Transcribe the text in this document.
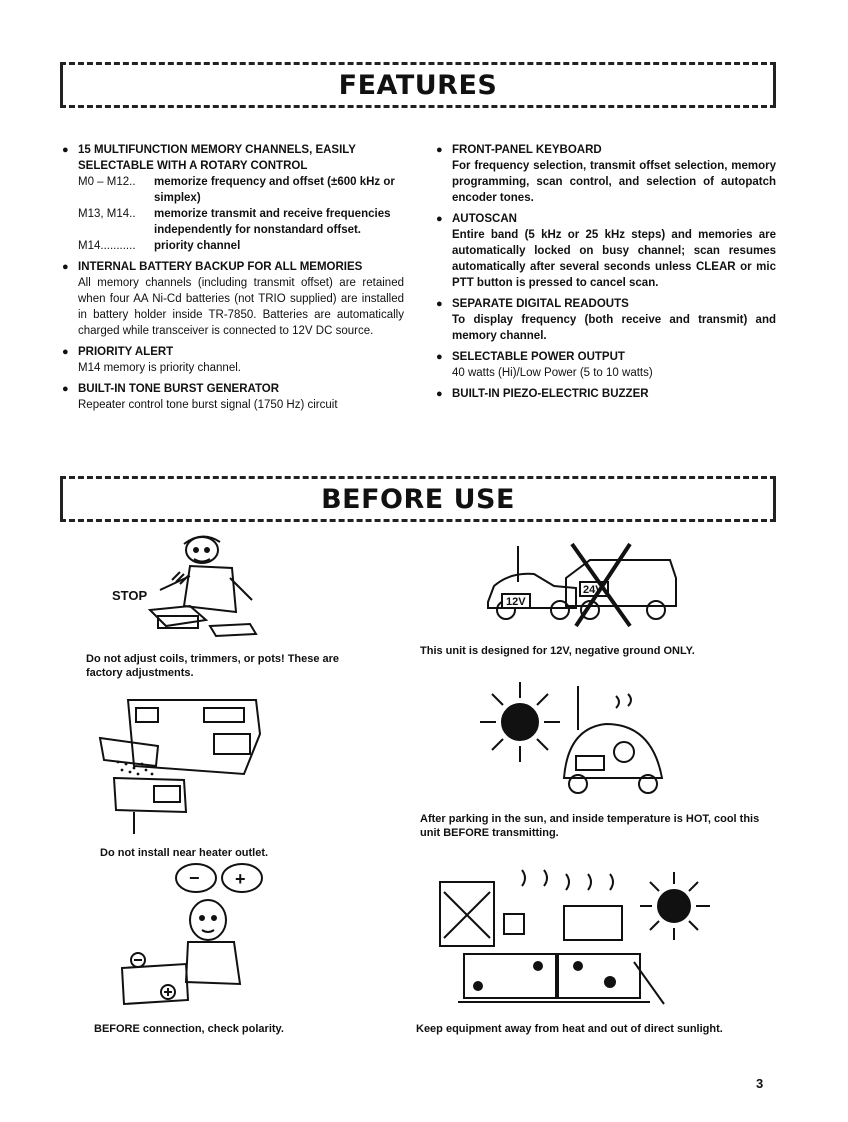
FEATURES
● 15 MULTIFUNCTION MEMORY CHANNELS, EASILY SELECTABLE WITH A ROTARY CONTROL
M0 – M12..	memorize frequency and offset (±600 kHz or simplex)
M13, M14..	memorize transmit and receive frequencies independently for nonstandard offset.
M14...........	priority channel
● INTERNAL BATTERY BACKUP FOR ALL MEMORIES
All memory channels (including transmit offset) are retained when four AA Ni-Cd batteries (not TRIO supplied) are installed in battery holder inside TR-7850. Batteries are automatically charged while transceiver is connected to 12V DC source.
● PRIORITY ALERT
M14 memory is priority channel.
● BUILT-IN TONE BURST GENERATOR
Repeater control tone burst signal (1750 Hz) circuit
● FRONT-PANEL KEYBOARD
For frequency selection, transmit offset selection, memory programming, scan control, and selection of autopatch encoder tones.
● AUTOSCAN
Entire band (5 kHz or 25 kHz steps) and memories are automatically locked on busy channel; scan resumes automatically after several seconds unless CLEAR or mic PTT button is pressed to cancel scan.
● SEPARATE DIGITAL READOUTS
To display frequency (both receive and transmit) and memory channel.
● SELECTABLE POWER OUTPUT
40 watts (Hi)/Low Power (5 to 10 watts)
● BUILT-IN PIEZO-ELECTRIC BUZZER
BEFORE USE
STOP
Do not adjust coils, trimmers, or pots! These are factory adjustments.
12V
24V
This unit is designed for 12V, negative ground ONLY.
Do not install near heater outlet.
After parking in the sun, and inside temperature is HOT, cool this unit BEFORE transmitting.
− +
BEFORE connection, check polarity.	Keep equipment away from heat and out of direct sunlight.
3
